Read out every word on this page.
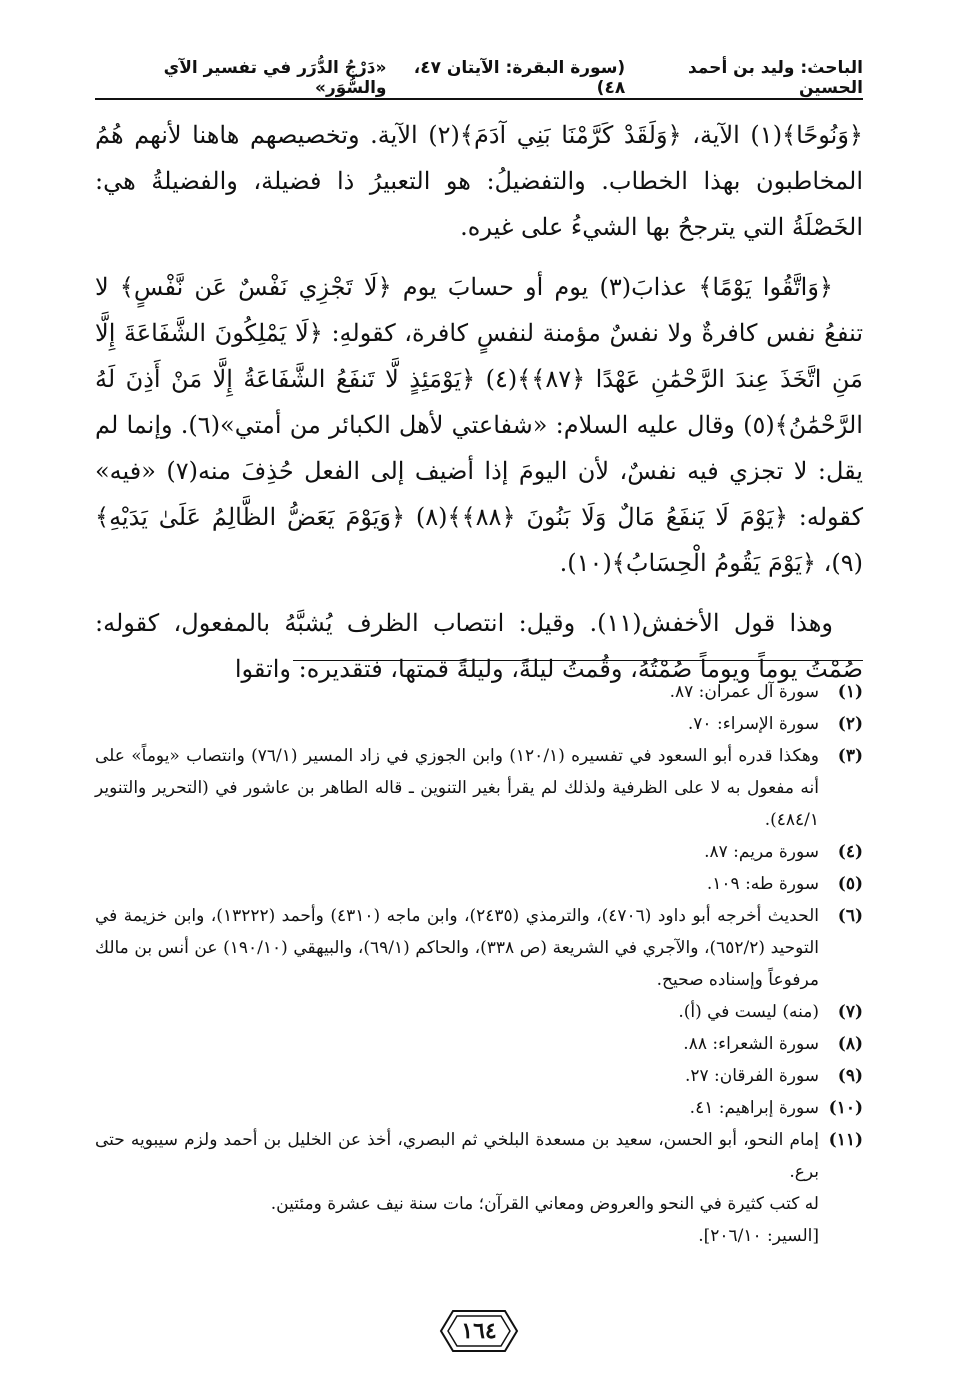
الباحث: وليد بن أحمد الحسين
(سورة البقرة: الآيتان ٤٧، ٤٨)
«دَرْجُ الدُّرَر في تفسير الآي والسُّوَر»

﴿وَنُوحًا﴾(١) الآية، ﴿وَلَقَدْ كَرَّمْنَا بَنِي آدَمَ﴾(٢) الآية. وتخصيصهم هاهنا لأنهم هُمُ المخاطبون بهذا الخطاب. والتفضيلُ: هو التعبيرُ ذا فضيلة، والفضيلةُ هي: الخَصْلَةُ التي يترجحُ بها الشيءُ على غيره.

﴿وَاتَّقُوا يَوْمًا﴾ عذابَ(٣) يوم أو حسابَ يوم ﴿لَا تَجْزِي نَفْسٌ عَن نَّفْسٍ﴾ لا تنفعُ نفس كافرةٌ ولا نفسٌ مؤمنة لنفسٍ كافرة، كقولهِ: ﴿لَا يَمْلِكُونَ الشَّفَاعَةَ إِلَّا مَنِ اتَّخَذَ عِندَ الرَّحْمَٰنِ عَهْدًا ﴿٨٧﴾﴾(٤) ﴿يَوْمَئِذٍ لَّا تَنفَعُ الشَّفَاعَةُ إِلَّا مَنْ أَذِنَ لَهُ الرَّحْمَٰنُ﴾(٥) وقال عليه السلام: «شفاعتي لأهل الكبائر من أمتي»(٦). وإنما لم يقل: لا تجزي فيه نفسٌ، لأن اليومَ إذا أضيف إلى الفعل حُذِفَ منه(٧) «فيه» كقوله: ﴿يَوْمَ لَا يَنفَعُ مَالٌ وَلَا بَنُونَ ﴿٨٨﴾﴾(٨) ﴿وَيَوْمَ يَعَضُّ الظَّالِمُ عَلَىٰ يَدَيْهِ﴾(٩)، ﴿يَوْمَ يَقُومُ الْحِسَابُ﴾(١٠).

وهذا قول الأخفش(١١). وقيل: انتصاب الظرف يُشبَّهُ بالمفعول، كقوله: صُمْتُ يوماً ويوماً صُمْتُهُ، وقُمتُ ليلةً، وليلةً قمتها، فتقديره: واتقوا

(١)
سورة آل عمران: ٨٧.
(٢)
سورة الإسراء: ٧٠.
(٣)
وهكذا قدره أبو السعود في تفسيره (١٢٠/١) وابن الجوزي في زاد المسير (٧٦/١) وانتصاب «يوماً» على أنه مفعول به لا على الظرفية ولذلك لم يقرأ بغير التنوين ـ قاله الطاهر بن عاشور في (التحرير والتنوير ٤٨٤/١).
(٤)
سورة مريم: ٨٧.
(٥)
سورة طه: ١٠٩.
(٦)
الحديث أخرجه أبو داود (٤٧٠٦)، والترمذي (٢٤٣٥)، وابن ماجه (٤٣١٠) وأحمد (١٣٢٢٢)، وابن خزيمة في التوحيد (٦٥٢/٢)، والآجري في الشريعة (ص ٣٣٨)، والحاكم (٦٩/١)، والبيهقي (١٩٠/١٠) عن أنس بن مالك مرفوعاً وإسناده صحيح.
(٧)
(منه) ليست في (أ).
(٨)
سورة الشعراء: ٨٨.
(٩)
سورة الفرقان: ٢٧.
(١٠)
سورة إبراهيم: ٤١.
(١١)
إمام النحو، أبو الحسن، سعيد بن مسعدة البلخي ثم البصري، أخذ عن الخليل بن أحمد ولزم سيبويه حتى برع.
له كتب كثيرة في النحو والعروض ومعاني القرآن؛ مات سنة نيف عشرة ومئتين.
[السير: ٢٠٦/١٠].
١٦٤
